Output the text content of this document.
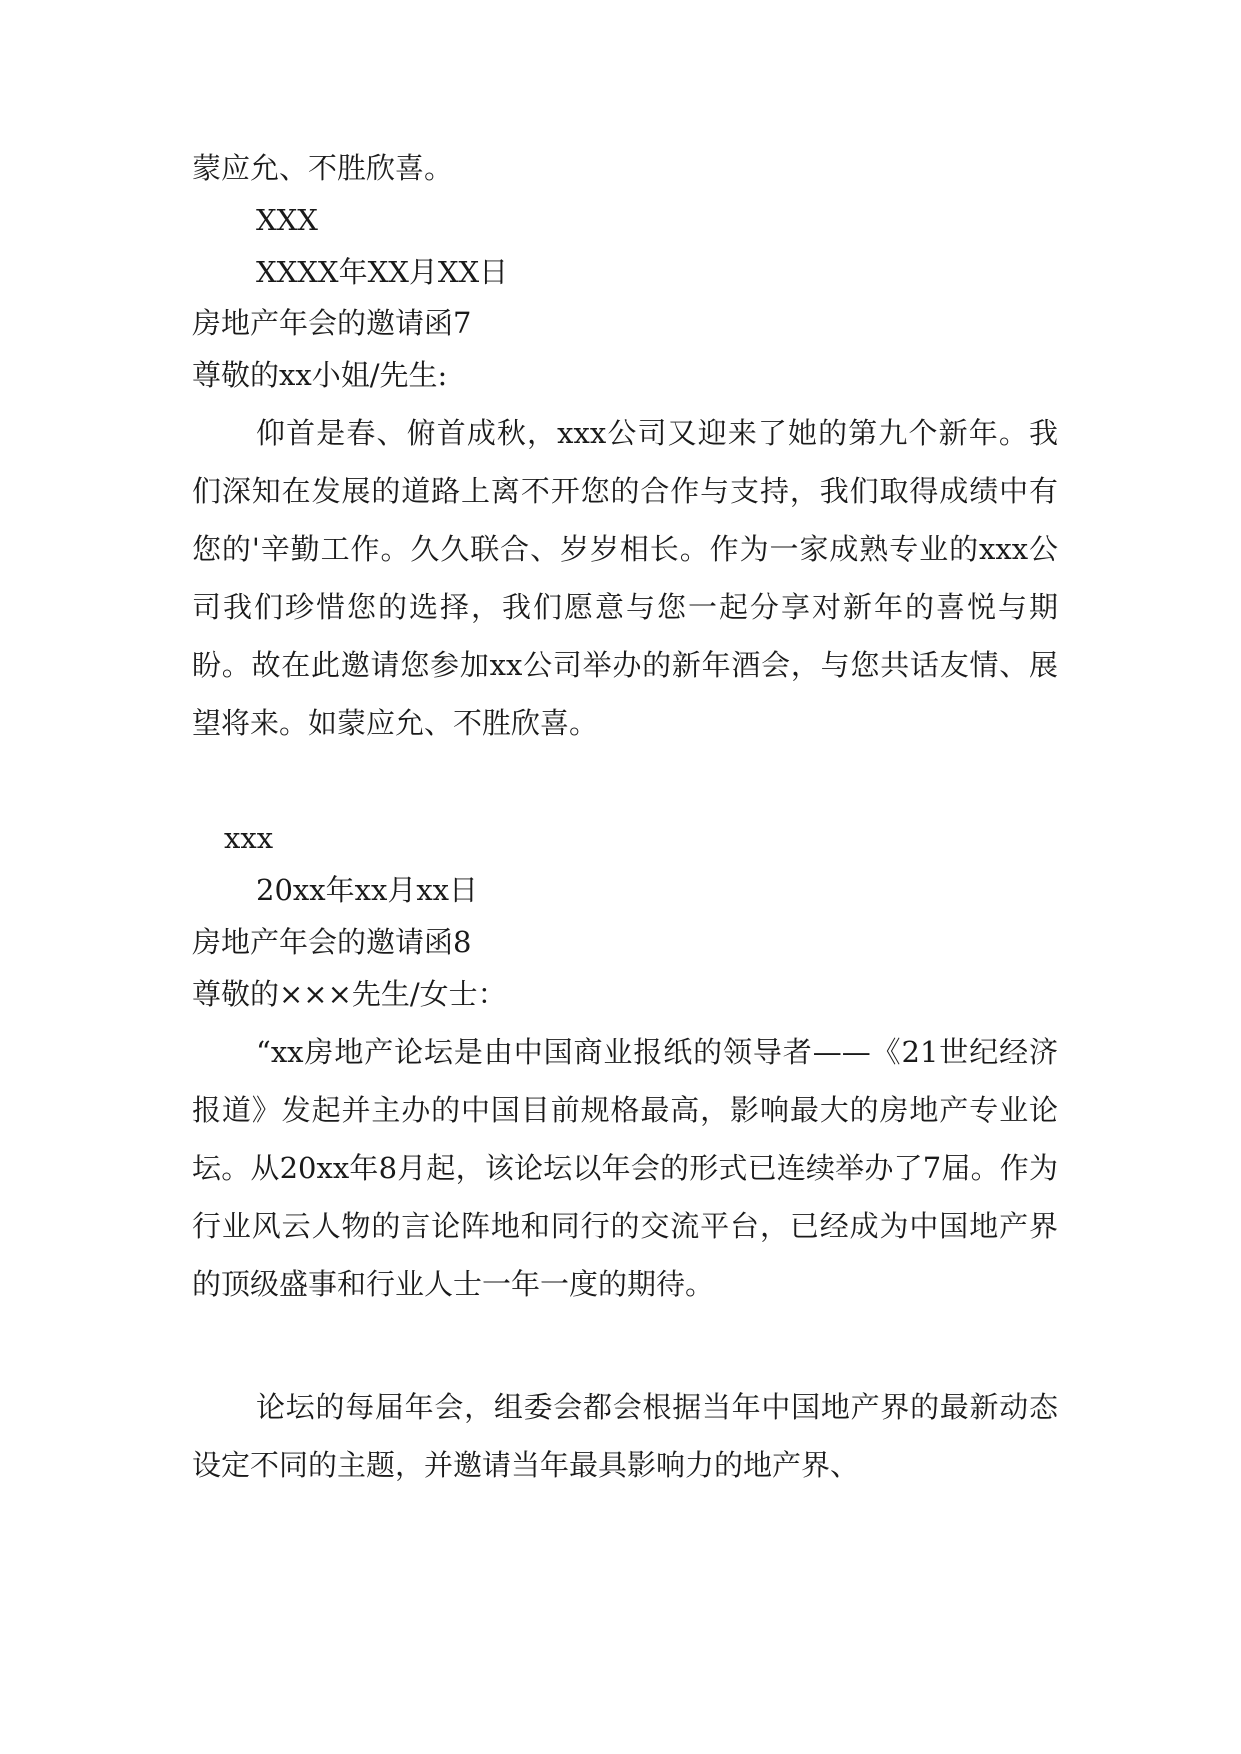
蒙应允、不胜欣喜。
XXX
XXXX年XX月XX日
房地产年会的邀请函7
尊敬的xx小姐/先生:

仰首是春、俯首成秋，xxx公司又迎来了她的第九个新年。我们深知在发展的道路上离不开您的合作与支持，我们取得成绩中有您的'辛勤工作。久久联合、岁岁相长。作为一家成熟专业的xxx公司我们珍惜您的选择，我们愿意与您一起分享对新年的喜悦与期盼。故在此邀请您参加xx公司举办的新年酒会，与您共话友情、展望将来。如蒙应允、不胜欣喜。

xxx
20xx年xx月xx日
房地产年会的邀请函8
尊敬的×××先生/女士：

“xx房地产论坛是由中国商业报纸的领导者——《21世纪经济报道》发起并主办的中国目前规格最高，影响最大的房地产专业论坛。从20xx年8月起，该论坛以年会的形式已连续举办了7届。作为行业风云人物的言论阵地和同行的交流平台，已经成为中国地产界的顶级盛事和行业人士一年一度的期待。

论坛的每届年会，组委会都会根据当年中国地产界的最新动态设定不同的主题，并邀请当年最具影响力的地产界、
